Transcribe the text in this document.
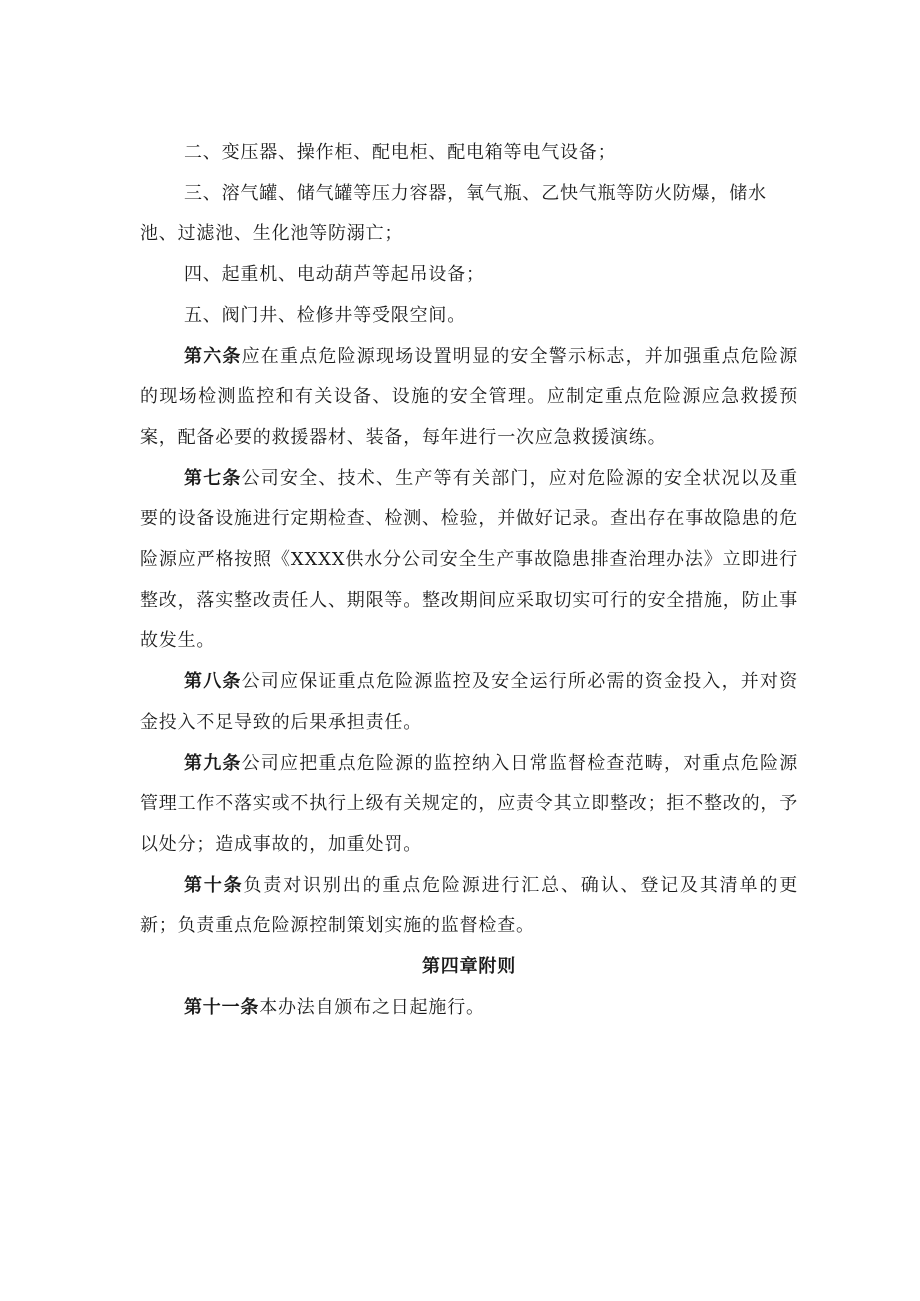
二、变压器、操作柜、配电柜、配电箱等电气设备；

三、溶气罐、储气罐等压力容器，氧气瓶、乙快气瓶等防火防爆，储水池、过滤池、生化池等防溺亡；

四、起重机、电动葫芦等起吊设备；

五、阀门井、检修井等受限空间。

第六条应在重点危险源现场设置明显的安全警示标志，并加强重点危险源的现场检测监控和有关设备、设施的安全管理。应制定重点危险源应急救援预案，配备必要的救援器材、装备，每年进行一次应急救援演练。

第七条公司安全、技术、生产等有关部门，应对危险源的安全状况以及重要的设备设施进行定期检查、检测、检验，并做好记录。查出存在事故隐患的危险源应严格按照《XXXX供水分公司安全生产事故隐患排查治理办法》立即进行整改，落实整改责任人、期限等。整改期间应采取切实可行的安全措施，防止事故发生。

第八条公司应保证重点危险源监控及安全运行所必需的资金投入，并对资金投入不足导致的后果承担责任。

第九条公司应把重点危险源的监控纳入日常监督检查范畴，对重点危险源管理工作不落实或不执行上级有关规定的，应责令其立即整改；拒不整改的，予以处分；造成事故的，加重处罚。

第十条负责对识别出的重点危险源进行汇总、确认、登记及其清单的更新；负责重点危险源控制策划实施的监督检查。

第四章附则

第十一条本办法自颁布之日起施行。
